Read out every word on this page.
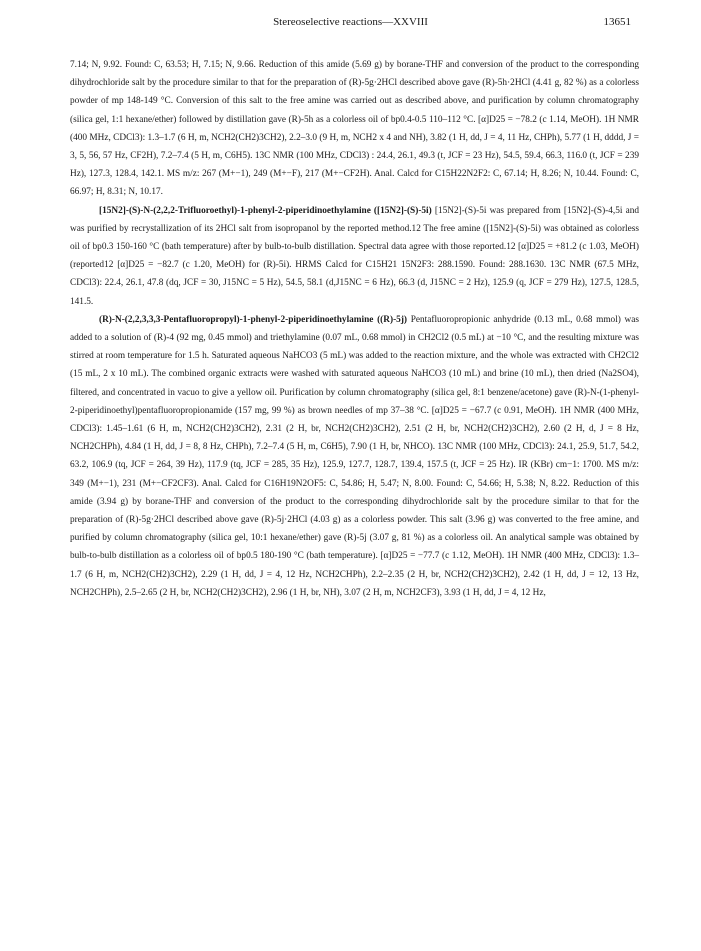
Stereoselective reactions—XXVIII	13651

7.14; N, 9.92. Found: C, 63.53; H, 7.15; N, 9.66. Reduction of this amide (5.69 g) by borane-THF and conversion of the product to the corresponding dihydrochloride salt by the procedure similar to that for the preparation of (R)-5g·2HCl described above gave (R)-5h·2HCl (4.41 g, 82 %) as a colorless powder of mp 148-149 °C. Conversion of this salt to the free amine was carried out as described above, and purification by column chromatography (silica gel, 1:1 hexane/ether) followed by distillation gave (R)-5h as a colorless oil of bp0.4-0.5 110–112 °C. [α]D25 = −78.2 (c 1.14, MeOH). 1H NMR (400 MHz, CDCl3): 1.3–1.7 (6 H, m, NCH2(CH2)3CH2), 2.2–3.0 (9 H, m, NCH2 x 4 and NH), 3.82 (1 H, dd, J = 4, 11 Hz, CHPh), 5.77 (1 H, dddd, J = 3, 5, 56, 57 Hz, CF2H), 7.2–7.4 (5 H, m, C6H5). 13C NMR (100 MHz, CDCl3) : 24.4, 26.1, 49.3 (t, JCF = 23 Hz), 54.5, 59.4, 66.3, 116.0 (t, JCF = 239 Hz), 127.3, 128.4, 142.1. MS m/z: 267 (M+−1), 249 (M+−F), 217 (M+−CF2H). Anal. Calcd for C15H22N2F2: C, 67.14; H, 8.26; N, 10.44. Found: C, 66.97; H, 8.31; N, 10.17.

[15N2]-(S)-N-(2,2,2-Trifluoroethyl)-1-phenyl-2-piperidinoethylamine ([15N2]-(S)-5i) [15N2]-(S)-5i was prepared from [15N2]-(S)-4,5i and was purified by recrystallization of its 2HCl salt from isopropanol by the reported method.12 The free amine ([15N2]-(S)-5i) was obtained as colorless oil of bp0.3 150-160 °C (bath temperature) after by bulb-to-bulb distillation. Spectral data agree with those reported.12 [α]D25 = +81.2 (c 1.03, MeOH) (reported12 [α]D25 = −82.7 (c 1.20, MeOH) for (R)-5i). HRMS Calcd for C15H21 15N2F3: 288.1590. Found: 288.1630. 13C NMR (67.5 MHz, CDCl3): 22.4, 26.1, 47.8 (dq, JCF = 30, J15NC = 5 Hz), 54.5, 58.1 (d,J15NC = 6 Hz), 66.3 (d, J15NC = 2 Hz), 125.9 (q, JCF = 279 Hz), 127.5, 128.5, 141.5.

(R)-N-(2,2,3,3,3-Pentafluoropropyl)-1-phenyl-2-piperidinoethylamine ((R)-5j) Pentafluoropropionic anhydride (0.13 mL, 0.68 mmol) was added to a solution of (R)-4 (92 mg, 0.45 mmol) and triethylamine (0.07 mL, 0.68 mmol) in CH2Cl2 (0.5 mL) at −10 °C, and the resulting mixture was stirred at room temperature for 1.5 h. Saturated aqueous NaHCO3 (5 mL) was added to the reaction mixture, and the whole was extracted with CH2Cl2 (15 mL, 2 x 10 mL). The combined organic extracts were washed with saturated aqueous NaHCO3 (10 mL) and brine (10 mL), then dried (Na2SO4), filtered, and concentrated in vacuo to give a yellow oil. Purification by column chromatography (silica gel, 8:1 benzene/acetone) gave (R)-N-(1-phenyl-2-piperidinoethyl)pentafluoropropionamide (157 mg, 99 %) as brown needles of mp 37–38 °C. [α]D25 = −67.7 (c 0.91, MeOH). 1H NMR (400 MHz, CDCl3): 1.45–1.61 (6 H, m, NCH2(CH2)3CH2), 2.31 (2 H, br, NCH2(CH2)3CH2), 2.51 (2 H, br, NCH2(CH2)3CH2), 2.60 (2 H, d, J = 8 Hz, NCH2CHPh), 4.84 (1 H, dd, J = 8, 8 Hz, CHPh), 7.2–7.4 (5 H, m, C6H5), 7.90 (1 H, br, NHCO). 13C NMR (100 MHz, CDCl3): 24.1, 25.9, 51.7, 54.2, 63.2, 106.9 (tq, JCF = 264, 39 Hz), 117.9 (tq, JCF = 285, 35 Hz), 125.9, 127.7, 128.7, 139.4, 157.5 (t, JCF = 25 Hz). IR (KBr) cm−1: 1700. MS m/z: 349 (M+−1), 231 (M+−CF2CF3). Anal. Calcd for C16H19N2OF5: C, 54.86; H, 5.47; N, 8.00. Found: C, 54.66; H, 5.38; N, 8.22. Reduction of this amide (3.94 g) by borane-THF and conversion of the product to the corresponding dihydrochloride salt by the procedure similar to that for the preparation of (R)-5g·2HCl described above gave (R)-5j·2HCl (4.03 g) as a colorless powder. This salt (3.96 g) was converted to the free amine, and purified by column chromatography (silica gel, 10:1 hexane/ether) gave (R)-5j (3.07 g, 81 %) as a colorless oil. An analytical sample was obtained by bulb-to-bulb distillation as a colorless oil of bp0.5 180-190 °C (bath temperature). [α]D25 = −77.7 (c 1.12, MeOH). 1H NMR (400 MHz, CDCl3): 1.3–1.7 (6 H, m, NCH2(CH2)3CH2), 2.29 (1 H, dd, J = 4, 12 Hz, NCH2CHPh), 2.2–2.35 (2 H, br, NCH2(CH2)3CH2), 2.42 (1 H, dd, J = 12, 13 Hz, NCH2CHPh), 2.5–2.65 (2 H, br, NCH2(CH2)3CH2), 2.96 (1 H, br, NH), 3.07 (2 H, m, NCH2CF3), 3.93 (1 H, dd, J = 4, 12 Hz,
